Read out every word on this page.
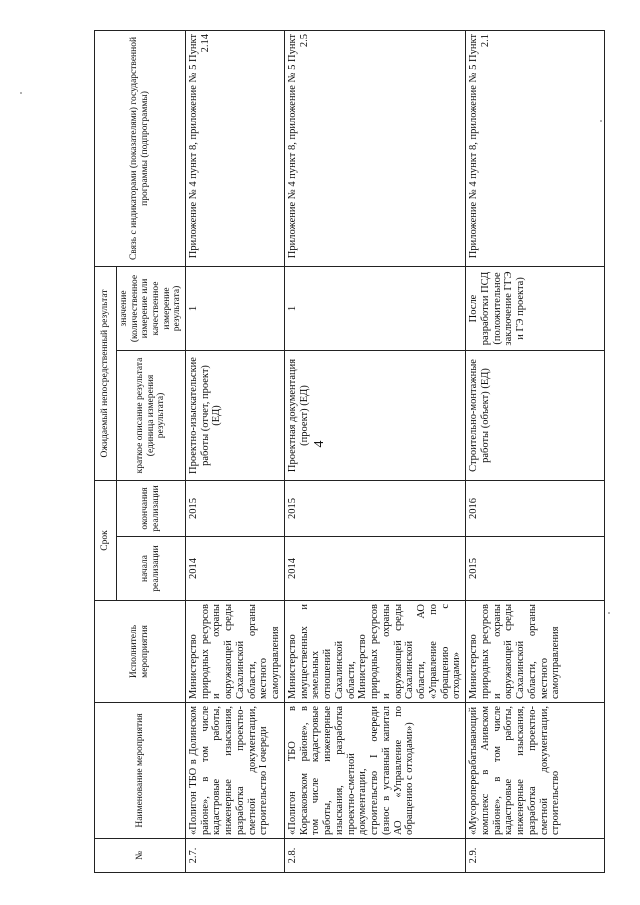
4
№	Наименование мероприятия	Исполнитель мероприятия	Срок		Ожидаемый непосредственный результат		Связь с индикаторами (показателями) государственной программы (подпрограммы)
			начала реализации	окончания реализации	краткое описание результата (единица измерения результата)	значение (количественное измерение или качественное измерение результата)	
2.7.	«Полигон ТБО в Долинском районе», в том числе кадастровые работы, инженерные изыскания, разработка проектно-сметной документации, строительство I очереди	Министерство природных ресурсов и охраны окружающей среды Сахалинской области, органы местного самоуправления	2014	2015	Проектно-изыскательские работы (отчет, проект) (ЕД)	1	Приложение № 4 пункт 8, приложение № 5 Пункт 2.14
2.8.	«Полигон ТБО в Корсаковском районе», в том числе кадастровые работы, инженерные изыскания, разработка проектно-сметной документации, строительство I очереди (взнос в уставный капитал АО «Управление по обращению с отходами»)	Министерство имущественных и земельных отношений Сахалинской области, Министерство природных ресурсов и охраны окружающей среды Сахалинской области, АО «Управление по обращению с отходами»	2014	2015	Проектная документация (проект) (ЕД)	1	Приложение № 4 пункт 8, приложение № 5 Пункт 2.5
2.9.	«Мусороперерабатывающий комплекс в Анивском районе», в том числе кадастровые работы, инженерные изыскания, разработка проектно-сметной документации, строительство	Министерство природных ресурсов и охраны окружающей среды Сахалинской области, органы местного самоуправления	2015	2016	Строительно-монтажные работы (объект) (ЕД)	После разработки ПСД (положительное заключение ГГЭ и ГЭ проекта)	Приложение № 4 пункт 8, приложение № 5 Пункт 2.1
